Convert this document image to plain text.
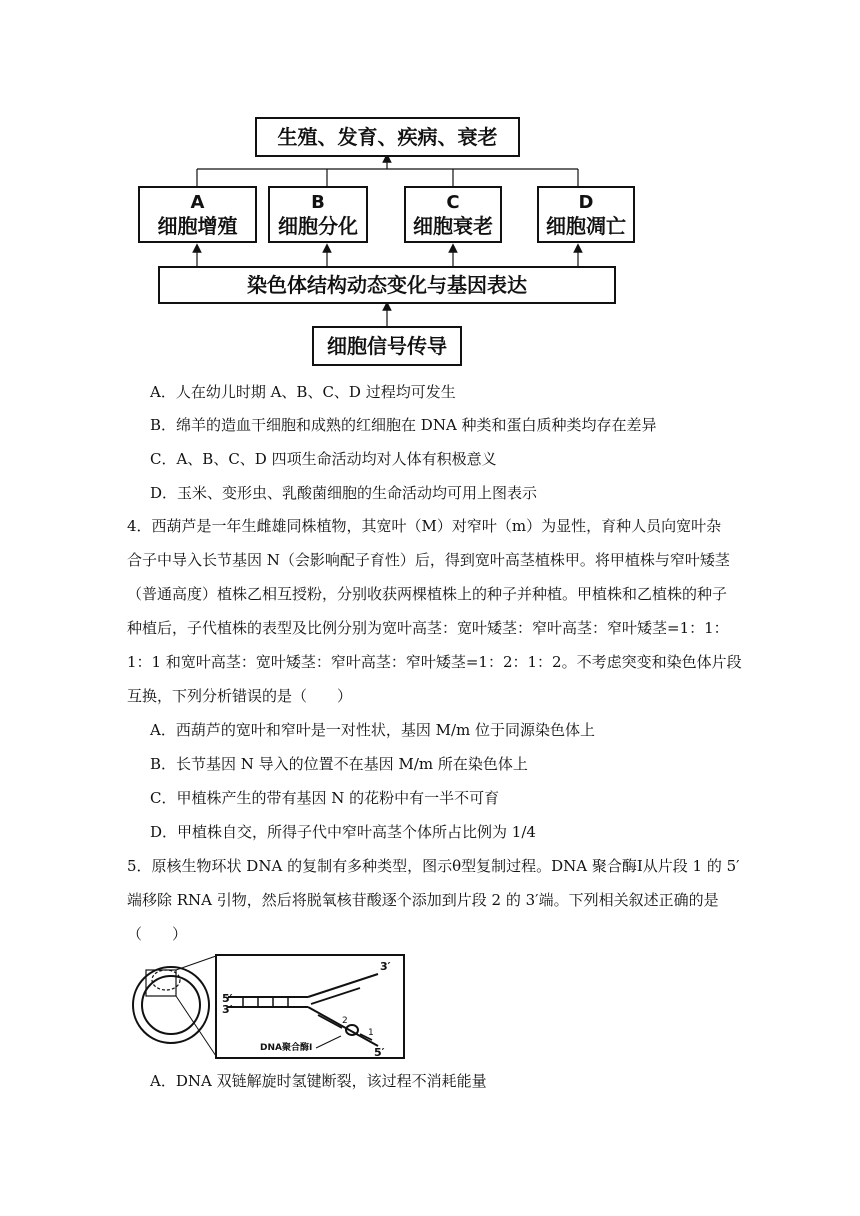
生殖、发育、疾病、衰老
A
细胞增殖
B
细胞分化
C
细胞衰老
D
细胞凋亡
染色体结构动态变化与基因表达
细胞信号传导
A．人在幼儿时期 A、B、C、D 过程均可发生
B．绵羊的造血干细胞和成熟的红细胞在 DNA 种类和蛋白质种类均存在差异
C．A、B、C、D 四项生命活动均对人体有积极意义
D．玉米、变形虫、乳酸菌细胞的生命活动均可用上图表示
4．西葫芦是一年生雌雄同株植物，其宽叶（M）对窄叶（m）为显性，育种人员向宽叶杂
合子中导入长节基因 N（会影响配子育性）后，得到宽叶高茎植株甲。将甲植株与窄叶矮茎
（普通高度）植株乙相互授粉，分别收获两棵植株上的种子并种植。甲植株和乙植株的种子
种植后，子代植株的表型及比例分别为宽叶高茎：宽叶矮茎：窄叶高茎：窄叶矮茎=1：1：
1：1 和宽叶高茎：宽叶矮茎：窄叶高茎：窄叶矮茎=1：2：1：2。不考虑突变和染色体片段
互换，下列分析错误的是（　　）
A．西葫芦的宽叶和窄叶是一对性状，基因 M/m 位于同源染色体上
B．长节基因 N 导入的位置不在基因 M/m 所在染色体上
C．甲植株产生的带有基因 N 的花粉中有一半不可育
D．甲植株自交，所得子代中窄叶高茎个体所占比例为 1/4
5．原核生物环状 DNA 的复制有多种类型，图示θ型复制过程。DNA 聚合酶Ⅰ从片段 1 的 5′
端移除 RNA 引物，然后将脱氧核苷酸逐个添加到片段 2 的 3′端。下列相关叙述正确的是
（　　）
3′
5′
3′
5′
2
1
DNA聚合酶Ⅰ
A．DNA 双链解旋时氢键断裂，该过程不消耗能量
